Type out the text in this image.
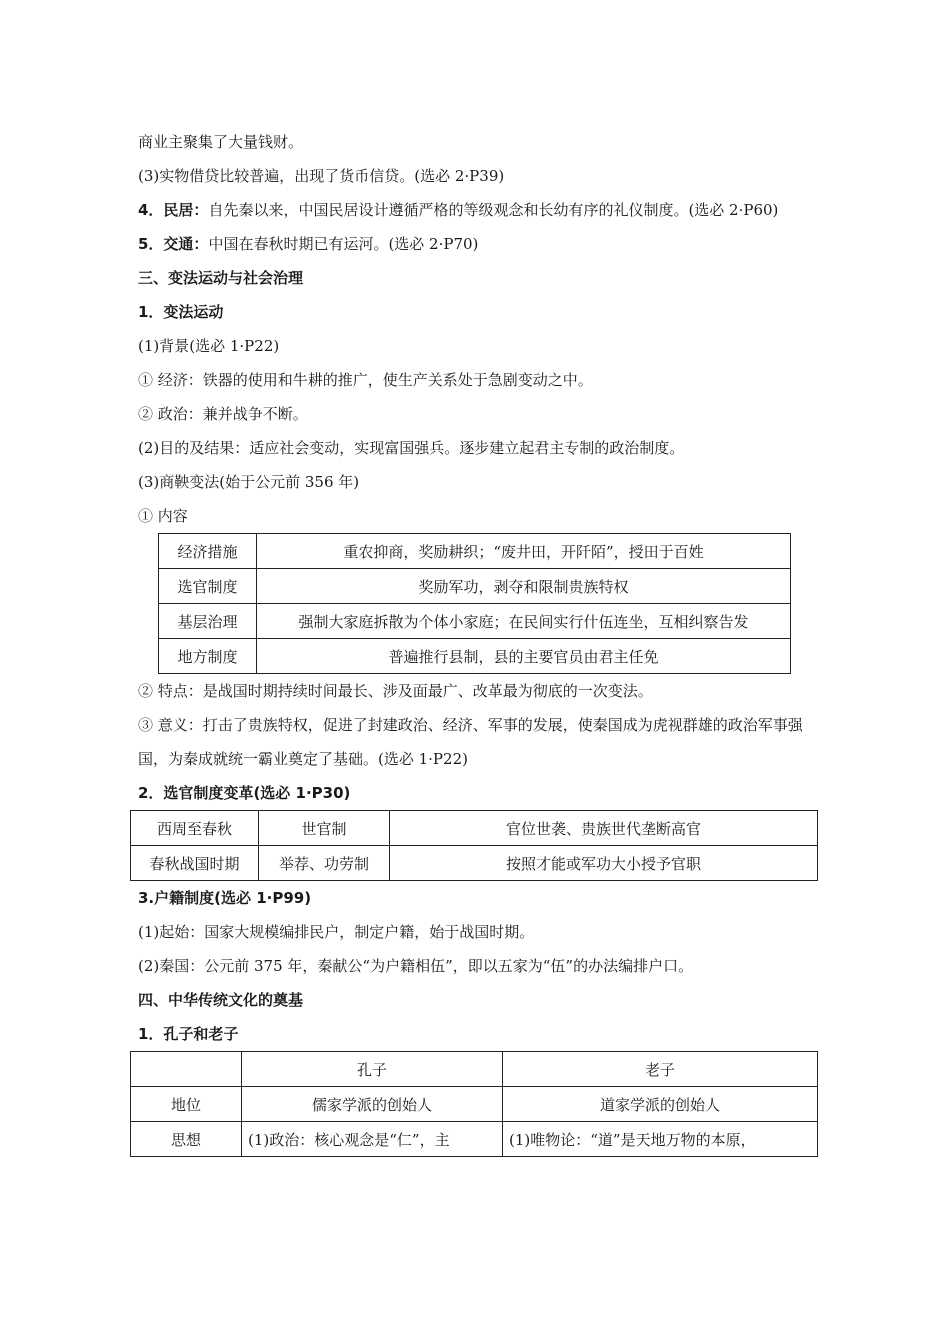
商业主聚集了大量钱财。
(3)实物借贷比较普遍，出现了货币信贷。(选必 2·P39)
4．民居：自先秦以来，中国民居设计遵循严格的等级观念和长幼有序的礼仪制度。(选必 2·P60)
5．交通：中国在春秋时期已有运河。(选必 2·P70)
三、变法运动与社会治理
1．变法运动
(1)背景(选必 1·P22)
① 经济：铁器的使用和牛耕的推广，使生产关系处于急剧变动之中。
② 政治：兼并战争不断。
(2)目的及结果：适应社会变动，实现富国强兵。逐步建立起君主专制的政治制度。
(3)商鞅变法(始于公元前 356 年)
① 内容
经济措施	重农抑商，奖励耕织；“废井田，开阡陌”，授田于百姓
选官制度	奖励军功，剥夺和限制贵族特权
基层治理	强制大家庭拆散为个体小家庭；在民间实行什伍连坐，互相纠察告发
地方制度	普遍推行县制，县的主要官员由君主任免
② 特点：是战国时期持续时间最长、涉及面最广、改革最为彻底的一次变法。
③ 意义：打击了贵族特权，促进了封建政治、经济、军事的发展，使秦国成为虎视群雄的政治军事强国，为秦成就统一霸业奠定了基础。(选必 1·P22)
2．选官制度变革(选必 1·P30)
西周至春秋	世官制	官位世袭、贵族世代垄断高官
春秋战国时期	举荐、功劳制	按照才能或军功大小授予官职
3.户籍制度(选必 1·P99)
(1)起始：国家大规模编排民户，制定户籍，始于战国时期。
(2)秦国：公元前 375 年，秦献公“为户籍相伍”，即以五家为“伍”的办法编排户口。
四、中华传统文化的奠基
1．孔子和老子
	孔子	老子
地位	儒家学派的创始人	道家学派的创始人
思想	(1)政治：核心观念是“仁”，主	(1)唯物论：“道”是天地万物的本原，
